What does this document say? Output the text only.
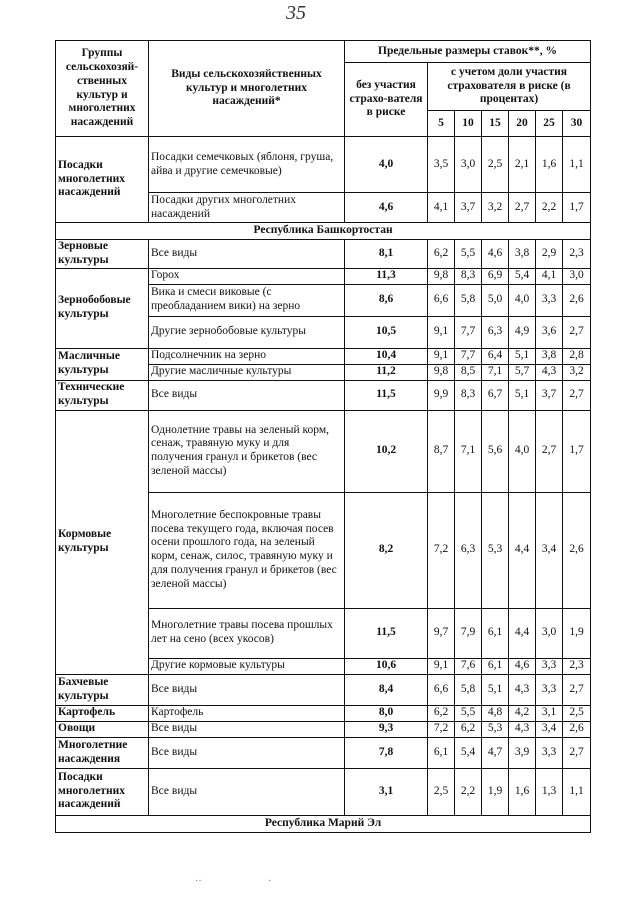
35
Группы сельскохозяй-ственных культур и многолетних насаждений	Виды сельскохозяйственных культур и многолетних насаждений*	Предельные размеры ставок**, %						
		без участия страхо-вателя в риске	с учетом доли участия страхователя в риске (в процентах)					
			5	10	15	20	25	30
Посадки многолетних насаждений	Посадки семечковых (яблоня, груша, айва и другие семечковые)	4,0	3,5	3,0	2,5	2,1	1,6	1,1
	Посадки других многолетних насаждений	4,6	4,1	3,7	3,2	2,7	2,2	1,7
Республика Башкортостан								
Зерновые культуры	Все виды	8,1	6,2	5,5	4,6	3,8	2,9	2,3
Зернобобовые культуры	Горох	11,3	9,8	8,3	6,9	5,4	4,1	3,0
	Вика и смеси виковые (с преобладанием вики) на зерно	8,6	6,6	5,8	5,0	4,0	3,3	2,6
	Другие зернобобовые культуры	10,5	9,1	7,7	6,3	4,9	3,6	2,7
Масличные культуры	Подсолнечник на зерно	10,4	9,1	7,7	6,4	5,1	3,8	2,8
	Другие масличные культуры	11,2	9,8	8,5	7,1	5,7	4,3	3,2
Технические культуры	Все виды	11,5	9,9	8,3	6,7	5,1	3,7	2,7
Кормовые культуры	Однолетние травы на зеленый корм, сенаж, травяную муку и для получения гранул и брикетов (вес зеленой массы)	10,2	8,7	7,1	5,6	4,0	2,7	1,7
	Многолетние беспокровные травы посева текущего года, включая посев осени прошлого года, на зеленый корм, сенаж, силос, травяную муку и для получения гранул и брикетов (вес зеленой массы)	8,2	7,2	6,3	5,3	4,4	3,4	2,6
	Многолетние травы посева прошлых лет на сено (всех укосов)	11,5	9,7	7,9	6,1	4,4	3,0	1,9
	Другие кормовые культуры	10,6	9,1	7,6	6,1	4,6	3,3	2,3
Бахчевые культуры	Все виды	8,4	6,6	5,8	5,1	4,3	3,3	2,7
Картофель	Картофель	8,0	6,2	5,5	4,8	4,2	3,1	2,5
Овощи	Все виды	9,3	7,2	6,2	5,3	4,3	3,4	2,6
Многолетние насаждения	Все виды	7,8	6,1	5,4	4,7	3,9	3,3	2,7
Посадки многолетних насаждений	Все виды	3,1	2,5	2,2	1,9	1,6	1,3	1,1
Республика Марий Эл								
··	·
